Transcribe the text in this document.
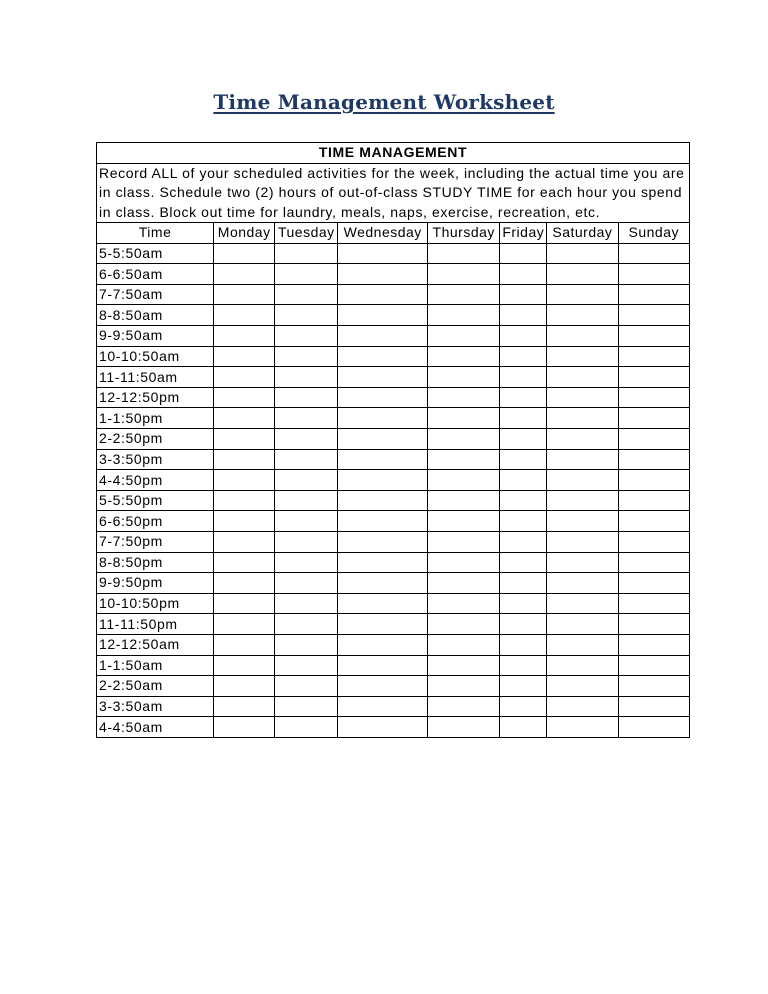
Time Management Worksheet
TIME MANAGEMENT							
Record ALL of your scheduled activities for the week, including the actual time you are in class. Schedule two (2) hours of out-of-class STUDY TIME for each hour you spend in class. Block out time for laundry, meals, naps, exercise, recreation, etc.							
Time	Monday	Tuesday	Wednesday	Thursday	Friday	Saturday	Sunday
5-5:50am							
6-6:50am							
7-7:50am							
8-8:50am							
9-9:50am							
10-10:50am							
11-11:50am							
12-12:50pm							
1-1:50pm							
2-2:50pm							
3-3:50pm							
4-4:50pm							
5-5:50pm							
6-6:50pm							
7-7:50pm							
8-8:50pm							
9-9:50pm							
10-10:50pm							
11-11:50pm							
12-12:50am							
1-1:50am							
2-2:50am							
3-3:50am							
4-4:50am							
